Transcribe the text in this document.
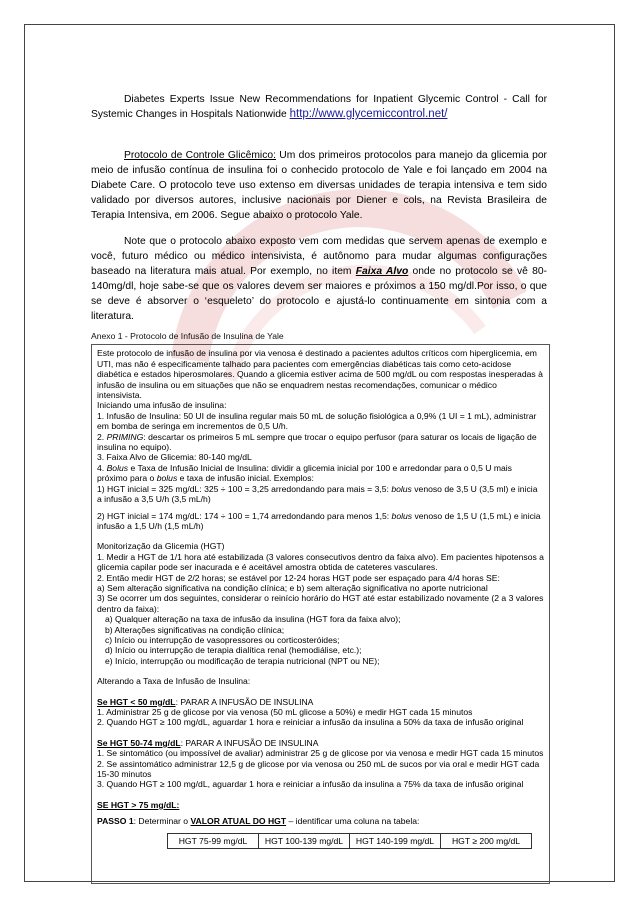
Diabetes Experts Issue New Recommendations for Inpatient Glycemic Control - Call for Systemic Changes in Hospitals Nationwide http://www.glycemiccontrol.net/

Protocolo de Controle Glicêmico: Um dos primeiros protocolos para manejo da glicemia por meio de infusão contínua de insulina foi o conhecido protocolo de Yale e foi lançado em 2004 na Diabete Care. O protocolo teve uso extenso em diversas unidades de terapia intensiva e tem sido validado por diversos autores, inclusive nacionais por Diener e cols, na Revista Brasileira de Terapia Intensiva, em 2006. Segue abaixo o protocolo Yale.

Note que o protocolo abaixo exposto vem com medidas que servem apenas de exemplo e você, futuro médico ou médico intensivista, é autônomo para mudar algumas configurações baseado na literatura mais atual. Por exemplo, no item Faixa Alvo onde no protocolo se vê 80-140mg/dl, hoje sabe-se que os valores devem ser maiores e próximos a 150 mg/dl.Por isso, o que se deve é absorver o ‘esqueleto’ do protocolo e ajustá-lo continuamente em sintonia com a literatura.

Anexo 1 - Protocolo de Infusão de Insulina de Yale

Este protocolo de infusão de insulina por via venosa é destinado a pacientes adultos críticos com hiperglicemia, em UTI, mas não é especificamente talhado para pacientes com emergências diabéticas tais como ceto-acidose diabética e estados hiperosmolares. Quando a glicemia estiver acima de 500 mg/dL ou com respostas inesperadas à infusão de insulina ou em situações que não se enquadrem nestas recomendações, comunicar o médico intensivista.

Iniciando uma infusão de insulina:

1. Infusão de Insulina: 50 UI de insulina regular mais 50 mL de solução fisiológica a 0,9% (1 UI = 1 mL), administrar em bomba de seringa em incrementos de 0,5 U/h.

2. PRIMING: descartar os primeiros 5 mL sempre que trocar o equipo perfusor (para saturar os locais de ligação de insulina no equipo).

3. Faixa Alvo de Glicemia: 80-140 mg/dL

4. Bolus e Taxa de Infusão Inicial de Insulina: dividir a glicemia inicial por 100 e arredondar para o 0,5 U mais próximo para o bolus e taxa de infusão inicial. Exemplos:

1) HGT inicial = 325 mg/dL: 325 ÷ 100 = 3,25 arredondando para mais = 3,5: bolus venoso de 3,5 U (3,5 ml) e inicia a infusão a 3,5 U/h (3,5 mL/h)

2) HGT inicial = 174 mg/dL: 174 ÷ 100 = 1,74 arredondando para menos 1,5: bolus venoso de 1,5 U (1,5 mL) e inicia infusão a 1,5 U/h (1,5 mL/h)

Monitorização da Glicemia (HGT)

1. Medir a HGT de 1/1 hora até estabilizada (3 valores consecutivos dentro da faixa alvo). Em pacientes hipotensos a glicemia capilar pode ser inacurada e é aceitável amostra obtida de cateteres vasculares.

2. Então medir HGT de 2/2 horas; se estável por 12-24 horas HGT pode ser espaçado para 4/4 horas SE:

a) Sem alteração significativa na condição clínica; e b) sem alteração significativa no aporte nutricional

3) Se ocorrer um dos seguintes, considerar o reinício horário do HGT até estar estabilizado novamente (2 a 3 valores dentro da faixa):

a) Qualquer alteração na taxa de infusão da insulina (HGT fora da faixa alvo);

b) Alterações significativas na condição clínica;

c) Início ou interrupção de vasopressores ou corticosteróides;

d) Início ou interrupção de terapia dialítica renal (hemodiálise, etc.);

e) Início, interrupção ou modificação de terapia nutricional (NPT ou NE);

Alterando a Taxa de Infusão de Insulina:

Se HGT < 50 mg/dL: PARAR A INFUSÃO DE INSULINA

1. Administrar 25 g de glicose por via venosa (50 mL glicose a 50%) e medir HGT cada 15 minutos

2. Quando HGT ≥ 100 mg/dL, aguardar 1 hora e reiniciar a infusão da insulina a 50% da taxa de infusão original

Se HGT 50-74 mg/dL: PARAR A INFUSÃO DE INSULINA

1. Se sintomático (ou impossível de avaliar) administrar 25 g de glicose por via venosa e medir HGT cada 15 minutos

2. Se assintomático administrar 12,5 g de glicose por via venosa ou 250 mL de sucos por via oral e medir HGT cada 15-30 minutos

3. Quando HGT ≥ 100 mg/dL, aguardar 1 hora e reiniciar a infusão da insulina a 75% da taxa de infusão original

SE HGT > 75 mg/dL:

PASSO 1: Determinar o VALOR ATUAL DO HGT – identificar uma coluna na tabela:

HGT 75-99 mg/dL	HGT 100-139 mg/dL	HGT 140-199 mg/dL	HGT ≥ 200 mg/dL
